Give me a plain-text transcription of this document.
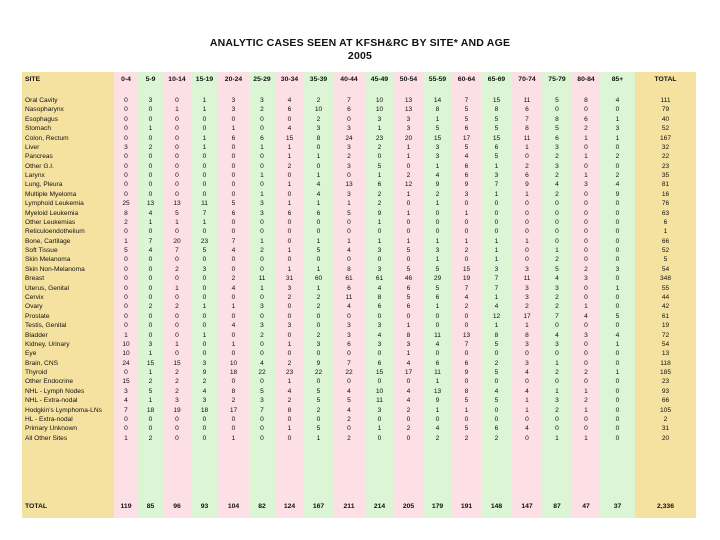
ANALYTIC CASES SEEN AT KFSH&RC BY SITE* AND AGE
2005
SITE	0-4	5-9	10-14	15-19	20-24	25-29	30-34	35-39	40-44	45-49	50-54	55-59	60-64	65-69	70-74	75-79	80-84	85+	TOTAL
Oral Cavity	0	3	0	1	3	3	4	2	7	10	13	14	7	15	11	5	8	4	111
Nasopharynx	0	0	1	1	3	2	6	10	6	10	13	8	5	8	6	0	0	0	79
Esophagus	0	0	0	0	0	0	0	2	0	3	3	1	5	5	7	8	6	1	40
Stomach	0	1	0	0	1	0	4	3	3	1	3	5	6	5	8	5	2	3	52
Colon, Rectum	0	0	0	1	6	6	15	8	24	23	20	15	17	15	11	6	1	1	167
Liver	3	2	0	1	0	1	1	0	3	2	1	3	5	6	1	3	0	0	32
Pancreas	0	0	0	0	0	0	1	1	2	0	1	3	4	5	0	2	1	2	22
Other G.I.	0	0	0	0	0	0	2	0	3	5	0	1	6	1	2	3	0	0	23
Larynx	0	0	0	0	0	1	0	1	0	1	2	4	6	3	6	2	1	2	35
Lung, Pleura	0	0	0	0	0	0	1	4	13	6	12	9	9	7	9	4	3	4	81
Multiple Myeloma	0	0	0	0	0	1	0	4	3	2	1	2	3	1	1	2	0	9	16
Lymphoid Leukemia	25	13	13	11	5	3	1	1	1	2	0	1	0	0	0	0	0	0	76
Myeloid Leukemia	8	4	5	7	6	3	6	6	5	9	1	0	1	0	0	0	0	0	63
Other Leukemias	2	1	1	1	0	0	0	0	0	1	0	0	0	0	0	0	0	0	6
Reticuloendothelium	0	0	0	0	0	0	0	0	0	0	0	0	0	0	0	0	0	0	1
Bone, Cartilage	1	7	20	23	7	1	0	1	1	1	1	1	1	1	1	0	0	0	66
Soft Tissue	5	4	7	5	4	2	1	5	4	3	5	3	2	1	0	1	0	0	52
Skin Melanoma	0	0	0	0	0	0	0	0	0	0	0	1	0	1	0	2	0	0	5
Skin Non-Melanoma	0	0	2	3	0	0	1	1	8	3	5	5	15	3	3	5	2	3	54
Breast	0	0	0	0	2	11	31	60	61	61	46	29	19	7	11	4	3	0	348
Uterus, Genital	0	0	1	0	4	1	3	1	6	4	6	5	7	7	3	3	0	1	55
Cervix	0	0	0	0	0	0	2	2	11	8	5	6	4	1	3	2	0	0	44
Ovary	0	2	2	1	1	3	0	2	4	6	6	1	2	4	2	2	1	0	42
Prostate	0	0	0	0	0	0	0	0	0	0	0	0	0	12	17	7	4	5	61
Testis, Genital	0	0	0	0	4	3	3	0	3	3	1	0	0	1	1	0	0	0	19
Bladder	1	0	0	1	0	2	0	2	3	4	8	11	13	8	8	4	3	4	72
Kidney, Urinary	10	3	1	0	1	0	1	3	6	3	3	4	7	5	3	3	0	1	54
Eye	10	1	0	0	0	0	0	0	0	0	1	0	0	0	0	0	0	0	13
Brain, CNS	24	15	15	3	10	4	2	9	7	6	4	6	6	2	3	1	0	0	118
Thyroid	0	1	2	9	18	22	23	22	22	15	17	11	9	5	4	2	2	1	185
Other Endocrine	15	2	2	2	0	0	1	0	0	0	0	1	0	0	0	0	0	0	23
NHL - Lymph Nodes	3	5	2	4	8	5	4	5	4	10	4	13	8	4	4	1	1	0	93
NHL - Extra-nodal	4	1	3	3	2	3	2	5	5	11	4	9	5	5	1	3	2	0	66
Hodgkin's Lymphoma-LNs	7	18	19	18	17	7	8	2	4	3	2	1	1	0	1	2	1	0	105
HL - Extra-nodal	0	0	0	0	0	0	0	0	2	0	0	0	0	0	0	0	0	0	2
Primary Unknown	0	0	0	0	0	0	1	5	0	1	2	4	5	6	4	0	0	0	31
All Other Sites	1	2	0	0	1	0	0	1	2	0	0	2	2	2	0	1	1	0	20
TOTAL	119	85	96	93	104	82	124	167	211	214	205	179	191	148	147	87	47	37	2,336
